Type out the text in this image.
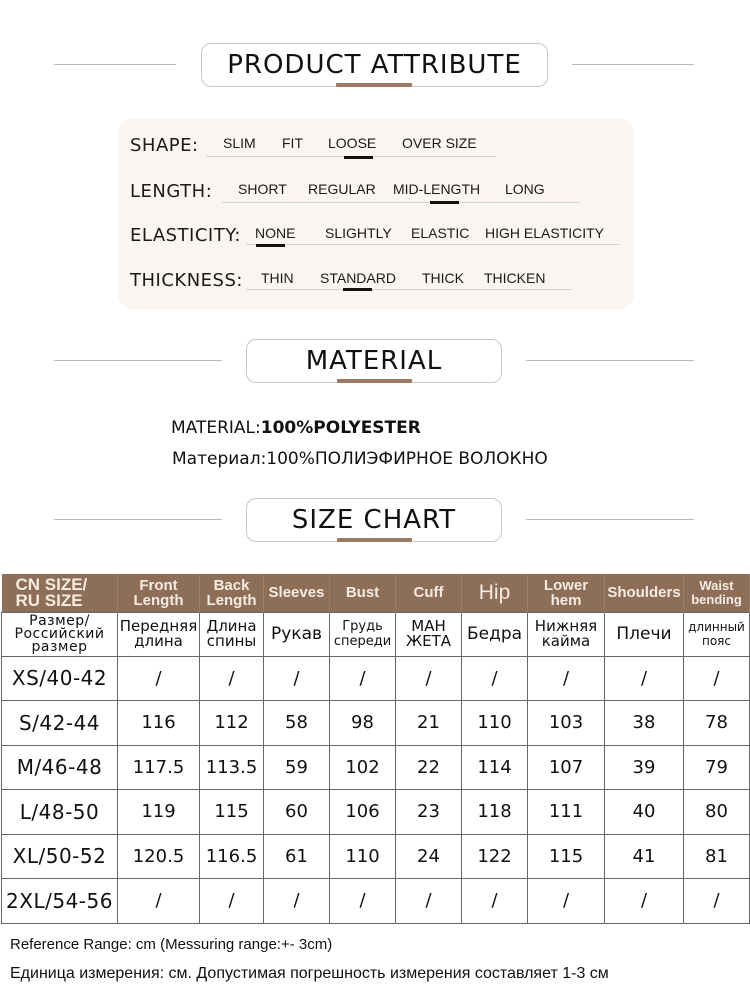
PRODUCT ATTRIBUTE
SHAPE: SLIM FIT LOOSE OVER SIZE
LENGTH: SHORT REGULAR MID-LENGTH LONG
ELASTICITY: NONE SLIGHTLY ELASTIC HIGH ELASTICITY
THICKNESS: THIN STANDARD THICK THICKEN
MATERIAL
MATERIAL:100%POLYESTER
Материал:100%ПОЛИЭФИРНОЕ ВОЛОКНО
SIZE CHART
CN SIZE/ RU SIZE	Front Length	Back Length	Sleeves	Bust	Cuff	Hip	Lower hem	Shoulders	Waist bending
Размер/ Российский размер	Передняя длина	Длина спины	Рукав	Грудь спереди	МАН ЖЕТА	Бедра	Нижняя кайма	Плечи	длинный пояс
XS/40-42	/	/	/	/	/	/	/	/	/
S/42-44	116	112	58	98	21	110	103	38	78
M/46-48	117.5	113.5	59	102	22	114	107	39	79
L/48-50	119	115	60	106	23	118	111	40	80
XL/50-52	120.5	116.5	61	110	24	122	115	41	81
2XL/54-56	/	/	/	/	/	/	/	/	/
Reference Range: cm (Messuring range:+- 3cm)
Единица измерения: см. Допустимая погрешность измерения составляет 1-3 см
